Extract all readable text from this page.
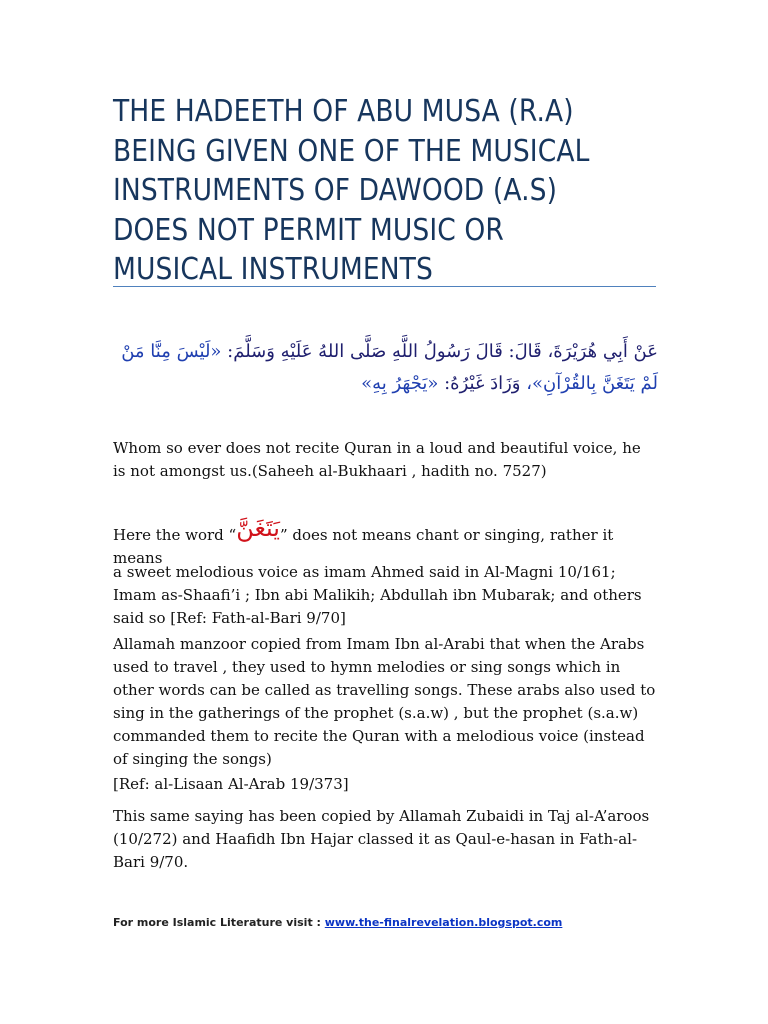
THE HADEETH OF ABU MUSA (R.A) BEING GIVEN ONE OF THE MUSICAL INSTRUMENTS OF DAWOOD (A.S) DOES NOT PERMIT MUSIC OR MUSICAL INSTRUMENTS
عَنْ أَبِي هُرَيْرَةَ، قَالَ: قَالَ رَسُولُ اللَّهِ صَلَّى اللهُ عَلَيْهِ وَسَلَّمَ: «لَيْسَ مِنَّا مَنْ لَمْ يَتَغَنَّ بِالقُرْآنِ»، وَزَادَ غَيْرُهُ: «يَجْهَرُ بِهِ»

Whom so ever does not recite Quran in a loud and beautiful voice, he is not amongst us.(Saheeh al-Bukhaari , hadith no. 7527)

Here the word “يَتَغَنَّ” does not means chant or singing, rather it means

a sweet melodious voice as imam Ahmed said in Al-Magni 10/161; Imam as-Shaafi’i ; Ibn abi Malikih; Abdullah ibn Mubarak; and others said so [Ref: Fath-al-Bari 9/70]

Allamah manzoor copied from Imam Ibn al-Arabi that when the Arabs used to travel , they used to hymn melodies or sing songs which in other words can be called as travelling songs. These arabs also used to sing in the gatherings of the prophet (s.a.w) , but the prophet (s.a.w) commanded them to recite the Quran with a melodious voice (instead of singing the songs)

[Ref: al-Lisaan Al-Arab 19/373]

This same saying has been copied by Allamah Zubaidi in Taj al-A’aroos (10/272) and Haafidh Ibn Hajar classed it as Qaul-e-hasan in Fath-al-Bari 9/70.

For more Islamic Literature visit : www.the-finalrevelation.blogspot.com
